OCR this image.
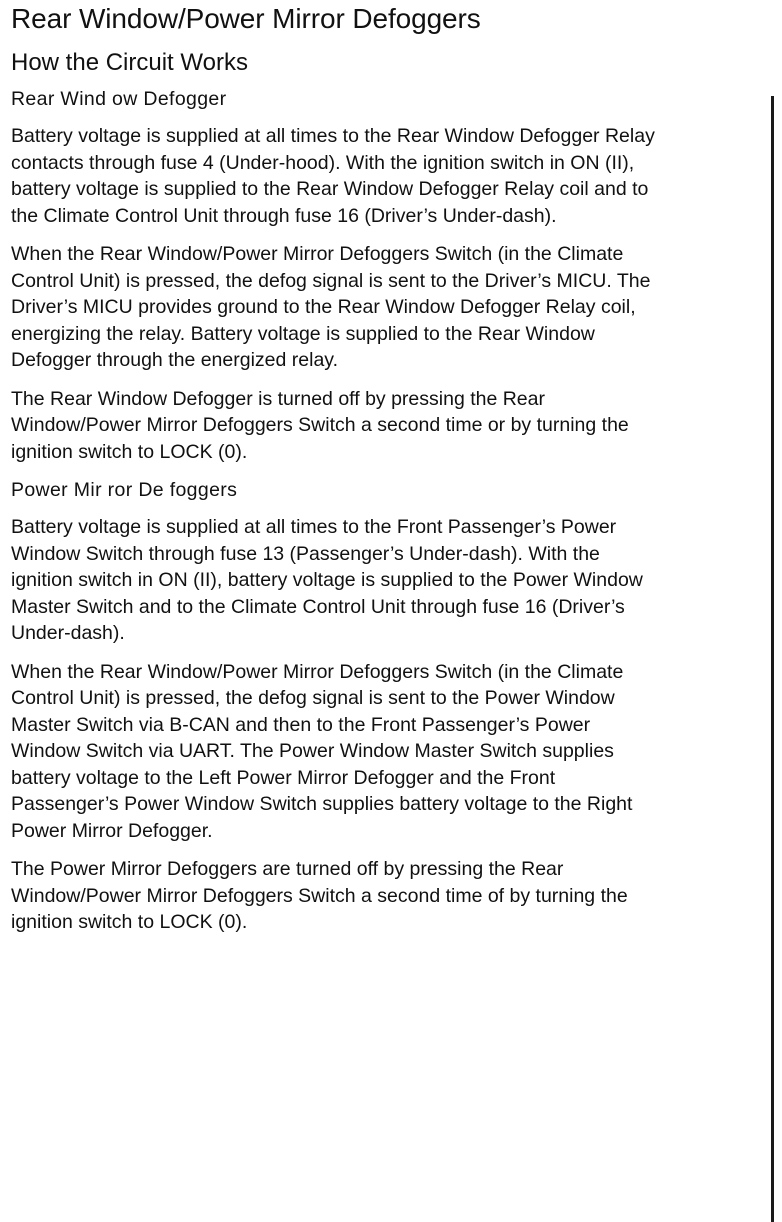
Rear Window/Power Mirror Defoggers
How the Circuit Works
Rear Wind ow Defogger

Battery voltage is supplied at all times to the Rear Window Defogger Relay
contacts through fuse 4 (Under-hood). With the ignition switch in ON (II),
battery voltage is supplied to the Rear Window Defogger Relay coil and to
the Climate Control Unit through fuse 16 (Driver’s Under-dash).

When the Rear Window/Power Mirror Defoggers Switch (in the Climate
Control Unit) is pressed, the defog signal is sent to the Driver’s MICU. The
Driver’s MICU provides ground to the Rear Window Defogger Relay coil,
energizing the relay. Battery voltage is supplied to the Rear Window
Defogger through the energized relay.

The Rear Window Defogger is turned off by pressing the Rear
Window/Power Mirror Defoggers Switch a second time or by turning the
ignition switch to LOCK (0).

Power Mir ror De foggers

Battery voltage is supplied at all times to the Front Passenger’s Power
Window Switch through fuse 13 (Passenger’s Under-dash). With the
ignition switch in ON (II), battery voltage is supplied to the Power Window
Master Switch and to the Climate Control Unit through fuse 16 (Driver’s
Under-dash).

When the Rear Window/Power Mirror Defoggers Switch (in the Climate
Control Unit) is pressed, the defog signal is sent to the Power Window
Master Switch via B-CAN and then to the Front Passenger’s Power
Window Switch via UART. The Power Window Master Switch supplies
battery voltage to the Left Power Mirror Defogger and the Front
Passenger’s Power Window Switch supplies battery voltage to the Right
Power Mirror Defogger.

The Power Mirror Defoggers are turned off by pressing the Rear
Window/Power Mirror Defoggers Switch a second time of by turning the
ignition switch to LOCK (0).
